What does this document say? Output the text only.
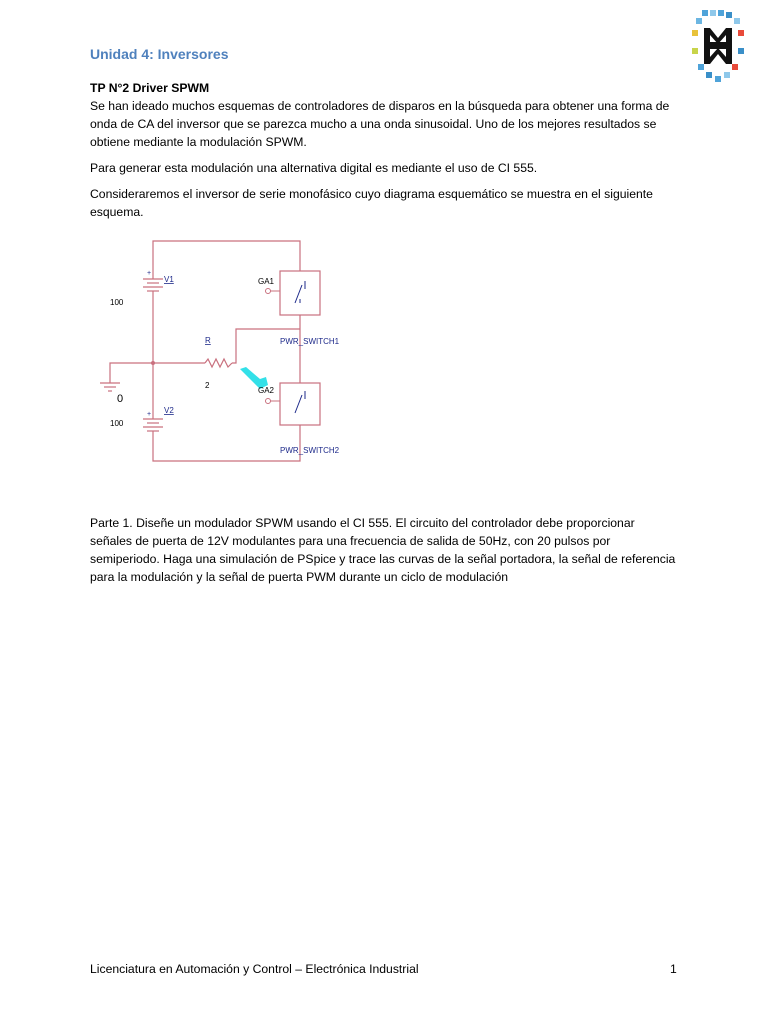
Unidad 4: Inversores

TP N°2 Driver SPWM

Se han ideado muchos esquemas de controladores de disparos en la búsqueda para obtener una forma de onda de CA del inversor que se parezca mucho a una onda sinusoidal. Uno de los mejores resultados se obtiene mediante la modulación SPWM.

Para generar esta modulación una alternativa digital es mediante el uso de CI 555.

Consideraremos el inversor de serie monofásico cuyo diagrama esquemático se muestra en el siguiente esquema.

+
+
V1
100
V2
100
R
2
0
GA1
GA2
PWR_SWITCH1
PWR_SWITCH2

Parte 1. Diseñe un modulador SPWM usando el CI 555. El circuito del controlador debe proporcionar señales de puerta de 12V modulantes para una frecuencia de salida de 50Hz, con 20 pulsos por semiperiodo. Haga una simulación de PSpice y trace las curvas de la señal portadora, la señal de referencia para la modulación y la señal de puerta PWM durante un ciclo de modulación

Licenciatura en Automación y Control – Electrónica Industrial	1
